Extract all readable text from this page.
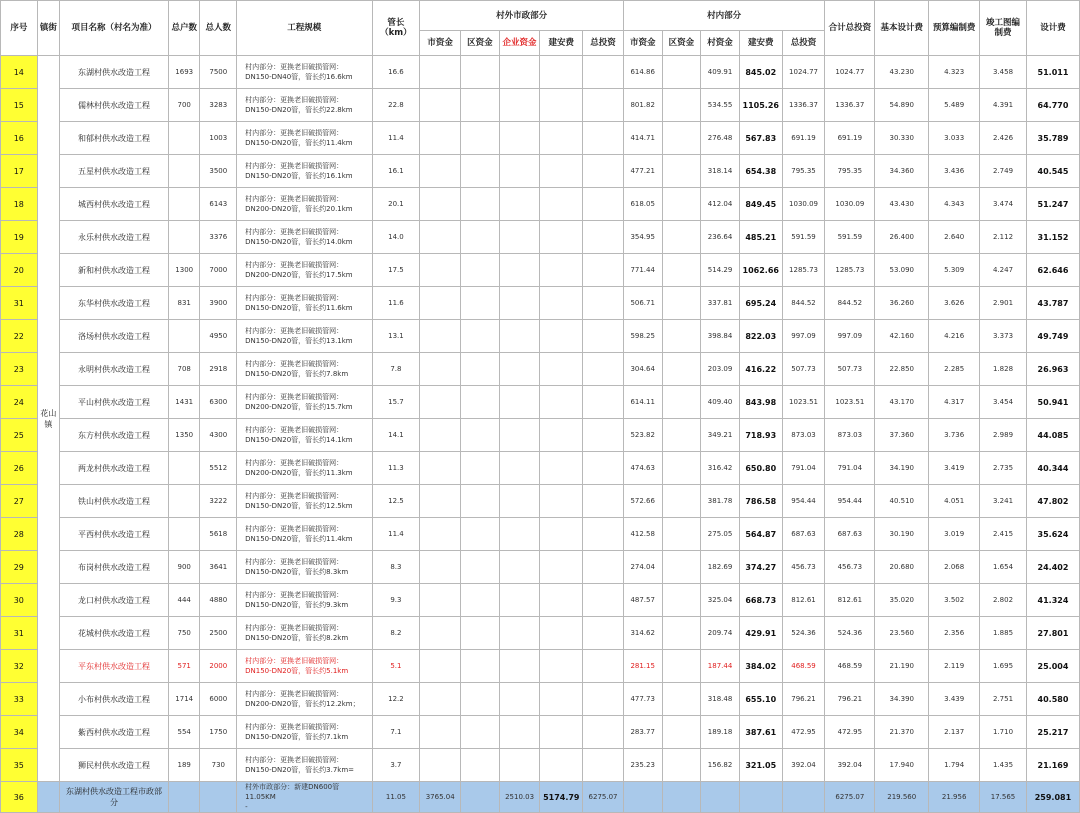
序号	镇街	项目名称（村名为准）	总户数	总人数	工程规模	管长（km）	村外市政部分					村内部分					合计总投资	基本设计费	预算编制费	竣工图编制费	设计费
							市资金	区资金	企业资金	建安费	总投资	市资金	区资金	村资金	建安费	总投资					
14	花山镇	东湖村供水改造工程	1693	7500	村内部分：更换老旧破损管网：
DN150-DN40管，管长约16.6km	16.6						614.86		409.91	845.02	1024.77	1024.77	43.230	4.323	3.458	51.011
15		儒林村供水改造工程	700	3283	村内部分：更换老旧破损管网：
DN150-DN20管，管长约22.8km	22.8						801.82		534.55	1105.26	1336.37	1336.37	54.890	5.489	4.391	64.770
16		和郁村供水改造工程		1003	村内部分：更换老旧破损管网：
DN150-DN20管，管长约11.4km	11.4						414.71		276.48	567.83	691.19	691.19	30.330	3.033	2.426	35.789
17		五星村供水改造工程		3500	村内部分：更换老旧破损管网：
DN150-DN20管，管长约16.1km	16.1						477.21		318.14	654.38	795.35	795.35	34.360	3.436	2.749	40.545
18		城西村供水改造工程		6143	村内部分：更换老旧破损管网：
DN200-DN20管，管长约20.1km	20.1						618.05		412.04	849.45	1030.09	1030.09	43.430	4.343	3.474	51.247
19		永乐村供水改造工程		3376	村内部分：更换老旧破损管网：
DN150-DN20管，管长约14.0km	14.0						354.95		236.64	485.21	591.59	591.59	26.400	2.640	2.112	31.152
20		新和村供水改造工程	1300	7000	村内部分：更换老旧破损管网：
DN200-DN20管，管长约17.5km	17.5						771.44		514.29	1062.66	1285.73	1285.73	53.090	5.309	4.247	62.646
31		东华村供水改造工程	831	3900	村内部分：更换老旧破损管网：
DN150-DN20管，管长约11.6km	11.6						506.71		337.81	695.24	844.52	844.52	36.260	3.626	2.901	43.787
22		洛场村供水改造工程		4950	村内部分：更换老旧破损管网：
DN150-DN20管，管长约13.1km	13.1						598.25		398.84	822.03	997.09	997.09	42.160	4.216	3.373	49.749
23		永明村供水改造工程	708	2918	村内部分：更换老旧破损管网：
DN150-DN20管，管长约7.8km	7.8						304.64		203.09	416.22	507.73	507.73	22.850	2.285	1.828	26.963
24		平山村供水改造工程	1431	6300	村内部分：更换老旧破损管网：
DN200-DN20管，管长约15.7km	15.7						614.11		409.40	843.98	1023.51	1023.51	43.170	4.317	3.454	50.941
25		东方村供水改造工程	1350	4300	村内部分：更换老旧破损管网：
DN150-DN20管，管长约14.1km	14.1						523.82		349.21	718.93	873.03	873.03	37.360	3.736	2.989	44.085
26		两龙村供水改造工程		5512	村内部分：更换老旧破损管网：
DN200-DN20管，管长约11.3km	11.3						474.63		316.42	650.80	791.04	791.04	34.190	3.419	2.735	40.344
27		铁山村供水改造工程		3222	村内部分：更换老旧破损管网：
DN150-DN20管，管长约12.5km	12.5						572.66		381.78	786.58	954.44	954.44	40.510	4.051	3.241	47.802
28		平西村供水改造工程		5618	村内部分：更换老旧破损管网：
DN150-DN20管，管长约11.4km	11.4						412.58		275.05	564.87	687.63	687.63	30.190	3.019	2.415	35.624
29		布岗村供水改造工程	900	3641	村内部分：更换老旧破损管网：
DN150-DN20管，管长约8.3km	8.3						274.04		182.69	374.27	456.73	456.73	20.680	2.068	1.654	24.402
30		龙口村供水改造工程	444	4880	村内部分：更换老旧破损管网：
DN150-DN20管，管长约9.3km	9.3						487.57		325.04	668.73	812.61	812.61	35.020	3.502	2.802	41.324
31		花城村供水改造工程	750	2500	村内部分：更换老旧破损管网：
DN150-DN20管，管长约8.2km	8.2						314.62		209.74	429.91	524.36	524.36	23.560	2.356	1.885	27.801
32		平东村供水改造工程	571	2000	村内部分：更换老旧破损管网：
DN150-DN20管，管长约5.1km	5.1						281.15		187.44	384.02	468.59	468.59	21.190	2.119	1.695	25.004
33		小布村供水改造工程	1714	6000	村内部分：更换老旧破损管网：
DN200-DN20管，管长约12.2km；	12.2						477.73		318.48	655.10	796.21	796.21	34.390	3.439	2.751	40.580
34		紫西村供水改造工程	554	1750	村内部分：更换老旧破损管网：
DN150-DN20管，管长约7.1km	7.1						283.77		189.18	387.61	472.95	472.95	21.370	2.137	1.710	25.217
35		狮民村供水改造工程	189	730	村内部分：更换老旧破损管网：
DN150-DN20管，管长约3.7km=	3.7						235.23		156.82	321.05	392.04	392.04	17.940	1.794	1.435	21.169
36		东湖村供水改造工程市政部分			村外市政部分：新建DN600管11.05KM
-	11.05	3765.04		2510.03	5174.79	6275.07						6275.07	219.560	21.956	17.565	259.081
